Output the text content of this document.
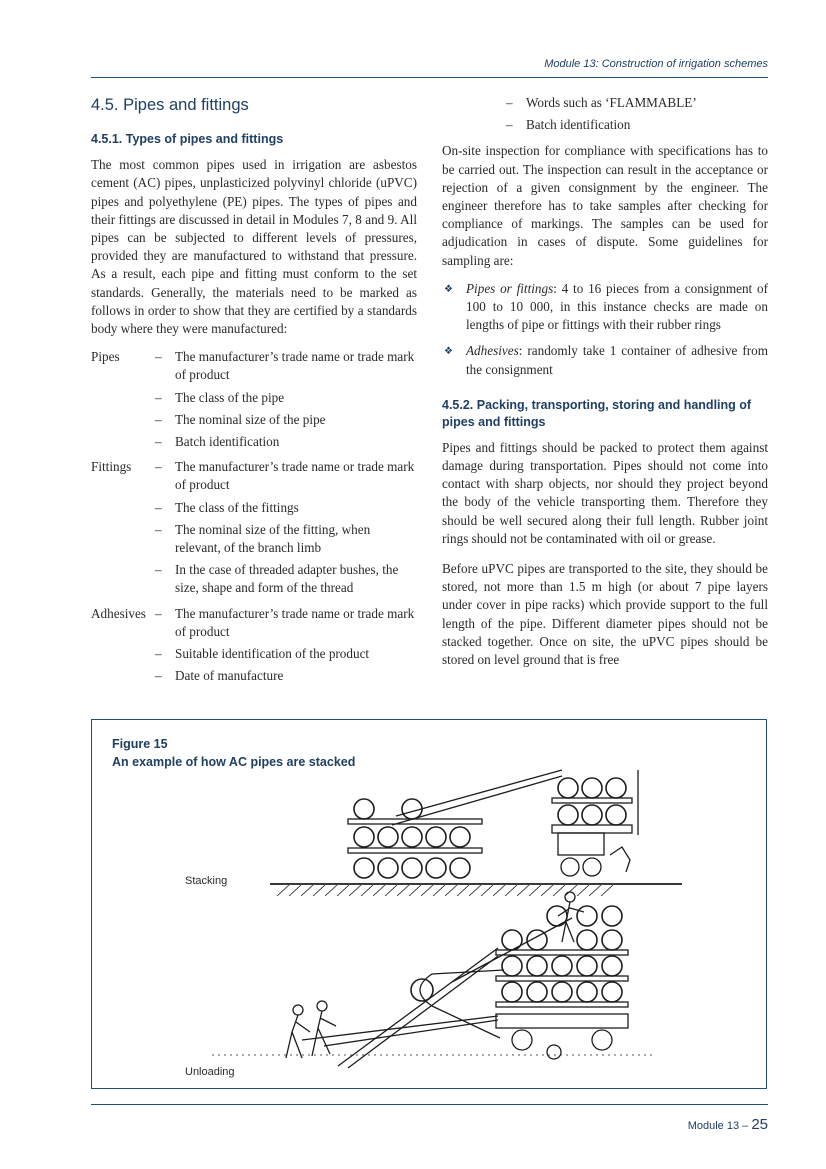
Module 13: Construction of irrigation schemes
4.5. Pipes and fittings
4.5.1. Types of pipes and fittings

The most common pipes used in irrigation are asbestos cement (AC) pipes, unplasticized polyvinyl chloride (uPVC) pipes and polyethylene (PE) pipes. The types of pipes and their fittings are discussed in detail in Modules 7, 8 and 9. All pipes can be subjected to different levels of pressures, provided they are manufactured to withstand that pressure. As a result, each pipe and fitting must conform to the set standards. Generally, the materials need to be marked as follows in order to show that they are certified by a standards body where they were manufactured:

Pipes	– The manufacturer’s trade name or trade mark of product
– The class of the pipe
– The nominal size of the pipe
– Batch identification
Fittings – The manufacturer’s trade name or trade mark of product
– The class of the fittings
– The nominal size of the fitting, when relevant, of the branch limb
– In the case of threaded adapter bushes, the size, shape and form of the thread
Adhesives – The manufacturer’s trade name or trade mark of product
– Suitable identification of the product
– Date of manufacture
– Words such as ‘FLAMMABLE’
– Batch identification

On-site inspection for compliance with specifications has to be carried out. The inspection can result in the acceptance or rejection of a given consignment by the engineer. The engineer therefore has to take samples after checking for compliance of markings. The samples can be used for adjudication in cases of dispute. Some guidelines for sampling are:

❖ Pipes or fittings: 4 to 16 pieces from a consignment of 100 to 10 000, in this instance checks are made on lengths of pipe or fittings with their rubber rings
❖ Adhesives: randomly take 1 container of adhesive from the consignment
4.5.2. Packing, transporting, storing and handling of pipes and fittings

Pipes and fittings should be packed to protect them against damage during transportation. Pipes should not come into contact with sharp objects, nor should they project beyond the body of the vehicle transporting them. Therefore they should be well secured along their full length. Rubber joint rings should not be contaminated with oil or grease.

Before uPVC pipes are transported to the site, they should be stored, not more than 1.5 m high (or about 7 pipe layers under cover in pipe racks) which provide support to the full length of the pipe. Different diameter pipes should not be stacked together. Once on site, the uPVC pipes should be stored on level ground that is free

Figure 15
An example of how AC pipes are stacked
Stacking
Unloading
Module 13 – 25
